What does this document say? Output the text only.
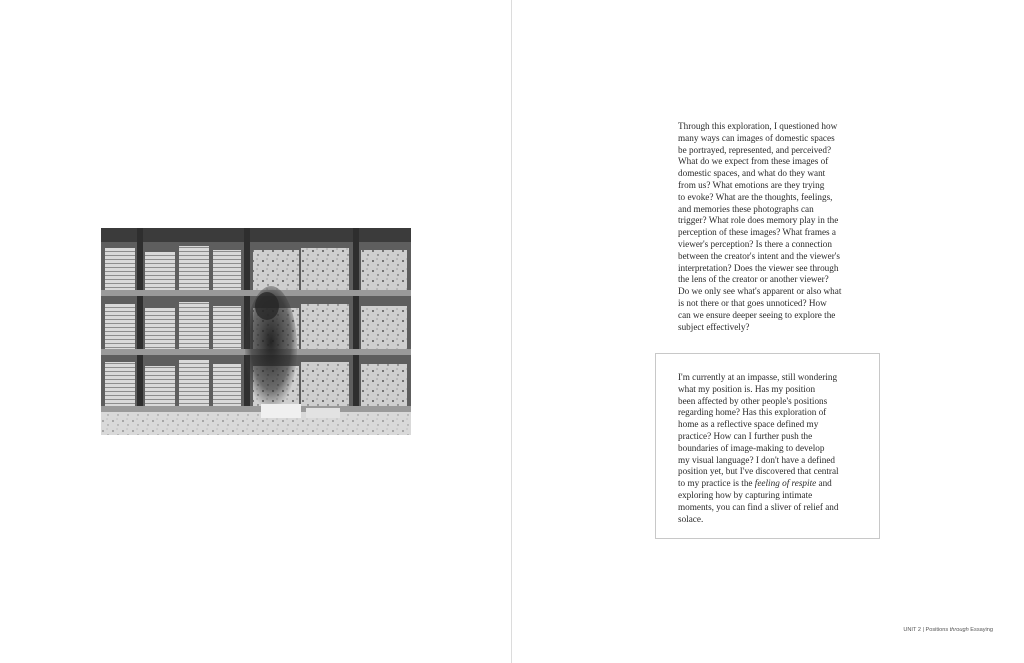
Through this exploration, I questioned how
many ways can images of domestic spaces
be portrayed, represented, and perceived?
What do we expect from these images of
domestic spaces, and what do they want
from us? What emotions are they trying
to evoke? What are the thoughts, feelings,
and memories these photographs can
trigger? What role does memory play in the
perception of these images? What frames a
viewer's perception? Is there a connection
between the creator's intent and the viewer's
interpretation? Does the viewer see through
the lens of the creator or another viewer?
Do we only see what's apparent or also what
is not there or that goes unnoticed? How
can we ensure deeper seeing to explore the
subject effectively?

I'm currently at an impasse, still wondering
what my position is. Has my position
been affected by other people's positions
regarding home? Has this exploration of
home as a reflective space defined my
practice? How can I further push the
boundaries of image-making to develop
my visual language? I don't have a defined
position yet, but I've discovered that central
to my practice is the feeling of respite and
exploring how by capturing intimate
moments, you can find a sliver of relief and
solace.

UNIT 2 | Positions through Essaying
